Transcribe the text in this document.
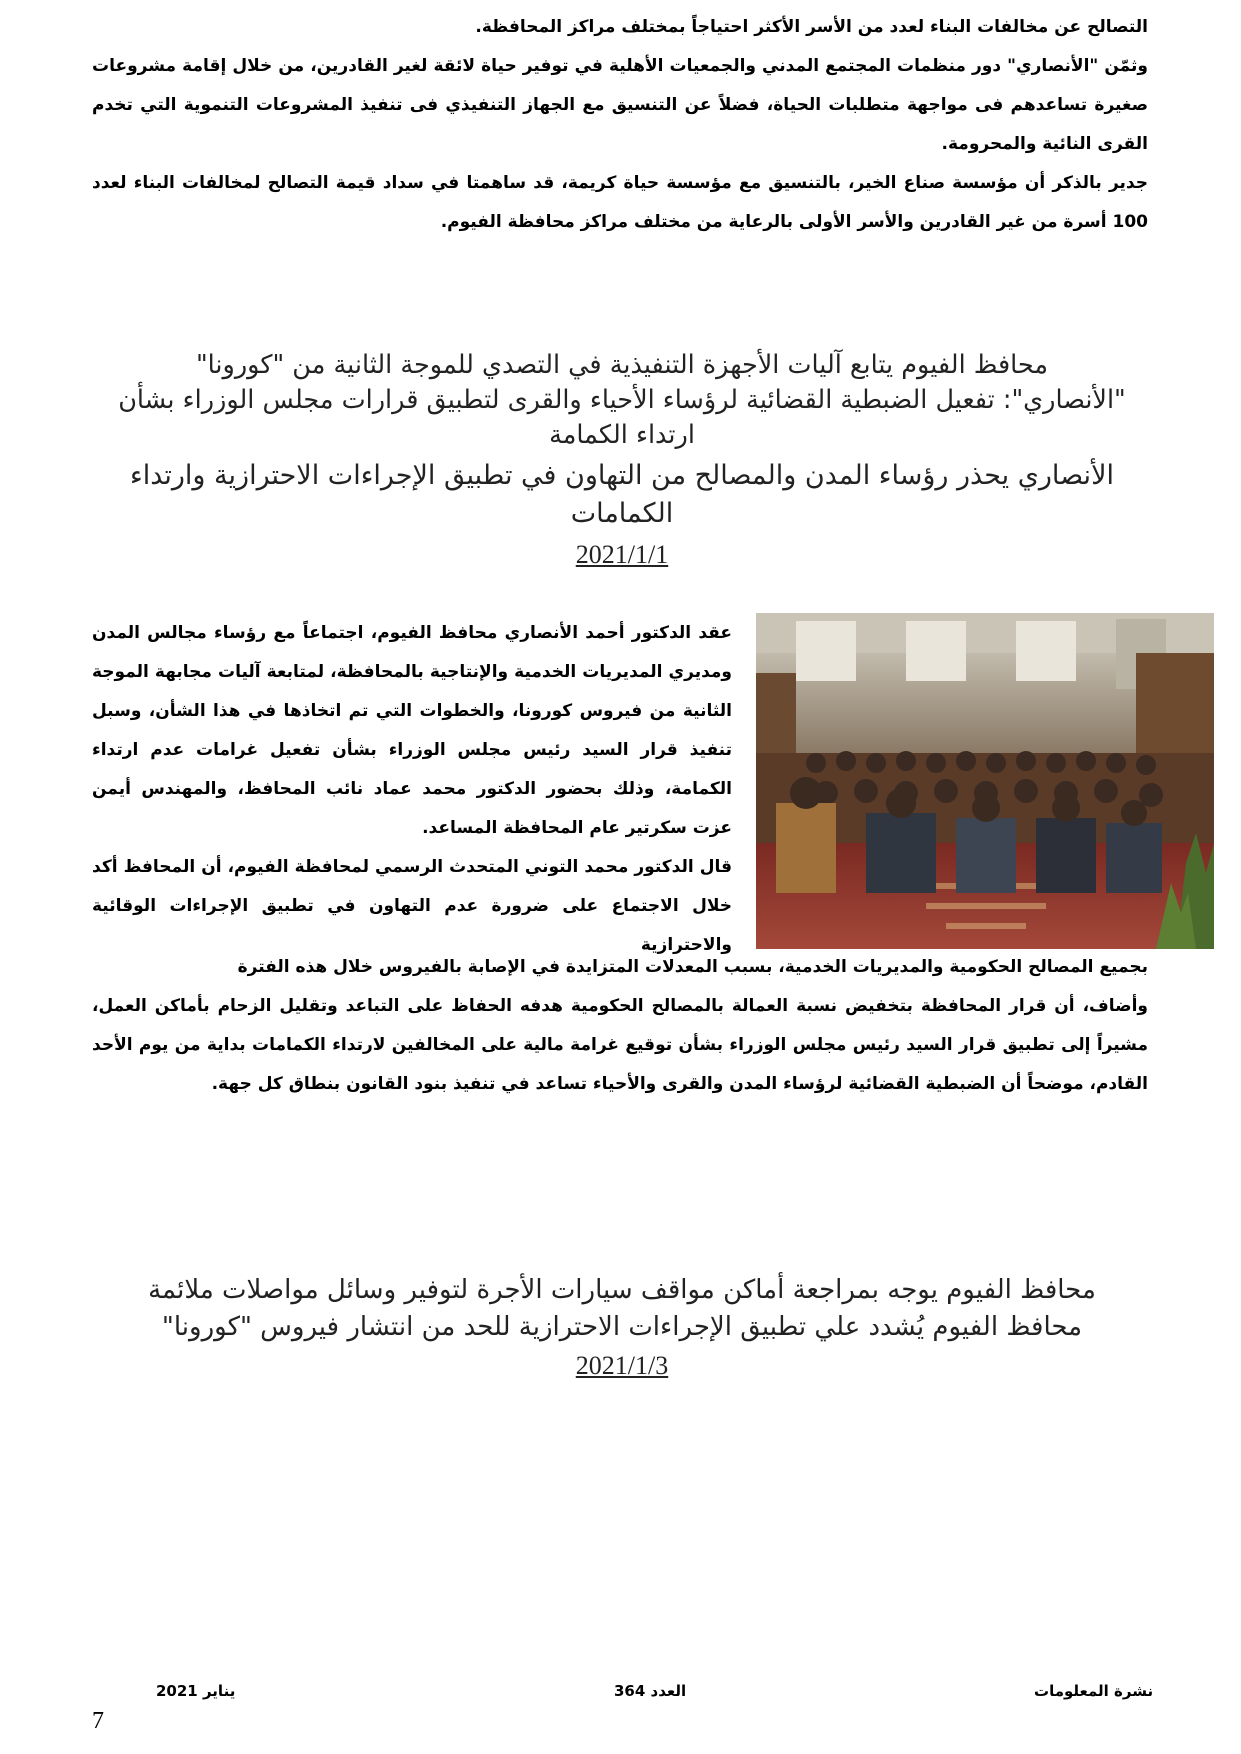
التصالح عن مخالفات البناء لعدد من الأسر الأكثر احتياجاً بمختلف مراكز المحافظة.

وثمّن "الأنصاري" دور منظمات المجتمع المدني والجمعيات الأهلية في توفير حياة لائقة لغير القادرين، من خلال إقامة مشروعات صغيرة تساعدهم فى مواجهة متطلبات الحياة، فضلاً عن التنسيق مع الجهاز التنفيذي فى تنفيذ المشروعات التنموية التي تخدم القرى النائية والمحرومة.

جدير بالذكر أن مؤسسة صناع الخير، بالتنسيق مع مؤسسة حياة كريمة، قد ساهمتا في سداد قيمة التصالح لمخالفات البناء لعدد 100 أسرة من غير القادرين والأسر الأولى بالرعاية من مختلف مراكز محافظة الفيوم.

محافظ الفيوم يتابع آليات الأجهزة التنفيذية في التصدي للموجة الثانية من "كورونا"

"الأنصاري": تفعيل الضبطية القضائية لرؤساء الأحياء والقرى لتطبيق قرارات مجلس الوزراء بشأن ارتداء الكمامة

الأنصاري يحذر رؤساء المدن والمصالح من التهاون في تطبيق الإجراءات الاحترازية وارتداء الكمامات

2021/1/1

عقد الدكتور أحمد الأنصاري محافظ الفيوم، اجتماعاً مع رؤساء مجالس المدن ومديري المديريات الخدمية والإنتاجية بالمحافظة، لمتابعة آليات مجابهة الموجة الثانية من فيروس كورونا، والخطوات التي تم اتخاذها في هذا الشأن، وسبل تنفيذ قرار السيد رئيس مجلس الوزراء بشأن تفعيل غرامات عدم ارتداء الكمامة، وذلك بحضور الدكتور محمد عماد نائب المحافظ، والمهندس أيمن عزت سكرتير عام المحافظة المساعد.

قال الدكتور محمد التوني المتحدث الرسمي لمحافظة الفيوم، أن المحافظ أكد خلال الاجتماع على ضرورة عدم التهاون في تطبيق الإجراءات الوقائية والاحترازية

بجميع المصالح الحكومية والمديريات الخدمية، بسبب المعدلات المتزايدة في الإصابة بالفيروس خلال هذه الفترة

وأضاف، أن قرار المحافظة بتخفيض نسبة العمالة بالمصالح الحكومية هدفه الحفاظ على التباعد وتقليل الزحام بأماكن العمل، مشيراً إلى تطبيق قرار السيد رئيس مجلس الوزراء بشأن توقيع غرامة مالية على المخالفين لارتداء الكمامات بداية من يوم الأحد القادم، موضحاً أن الضبطية القضائية لرؤساء المدن والقرى والأحياء تساعد في تنفيذ بنود القانون بنطاق كل جهة.

محافظ الفيوم يوجه بمراجعة أماكن مواقف سيارات الأجرة لتوفير وسائل مواصلات ملائمة

محافظ الفيوم يُشدد علي تطبيق الإجراءات الاحترازية للحد من انتشار فيروس "كورونا"

2021/1/3

نشرة المعلومات
العدد 364
يناير 2021
7
